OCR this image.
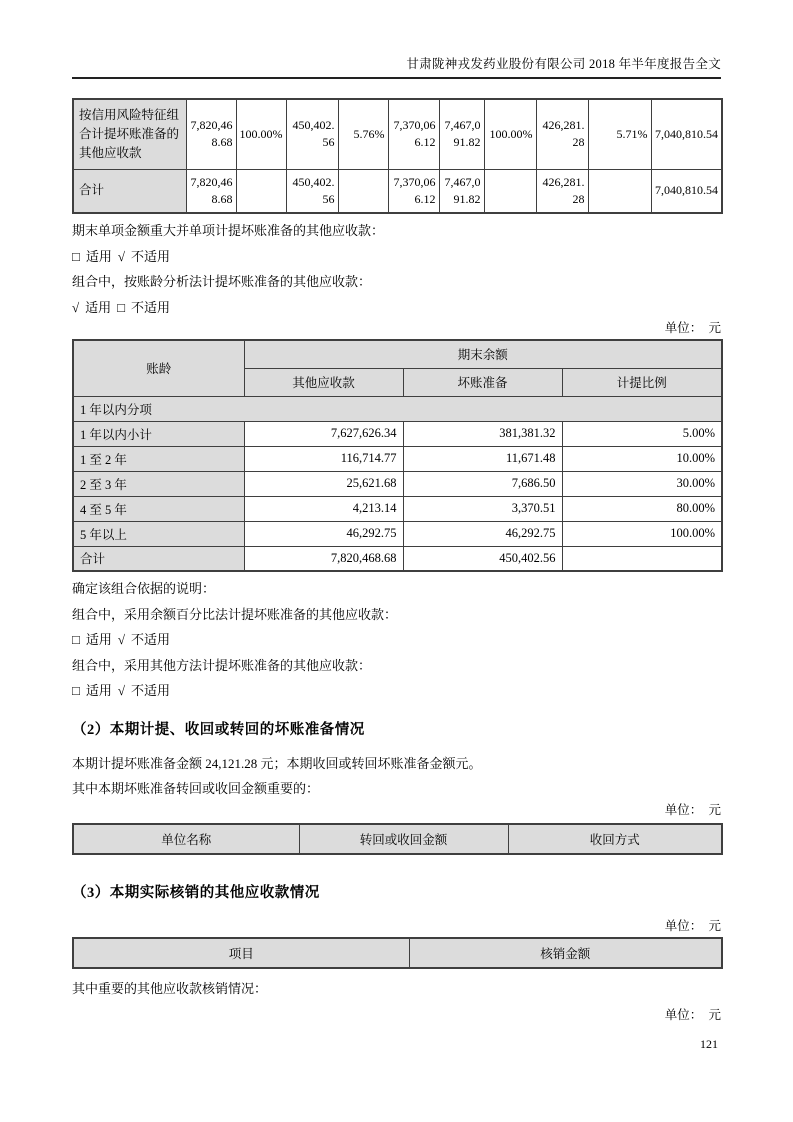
甘肃陇神戎发药业股份有限公司 2018 年半年度报告全文
按信用风险特征组合计提坏账准备的其他应收款	7,820,468.68	100.00%	450,402.56	5.76%	7,370,066.12	7,467,091.82	100.00%	426,281.28	5.71%	7,040,810.54
合计	7,820,468.68		450,402.56		7,370,066.12	7,467,091.82		426,281.28		7,040,810.54
期末单项金额重大并单项计提坏账准备的其他应收款：
□ 适用 √ 不适用
组合中，按账龄分析法计提坏账准备的其他应收款：
√ 适用 □ 不适用
单位：　元
账龄	期末余额		
	其他应收款	坏账准备	计提比例
1 年以内分项			
1 年以内小计	7,627,626.34	381,381.32	5.00%
1 至 2 年	116,714.77	11,671.48	10.00%
2 至 3 年	25,621.68	7,686.50	30.00%
4 至 5 年	4,213.14	3,370.51	80.00%
5 年以上	46,292.75	46,292.75	100.00%
合计	7,820,468.68	450,402.56	
确定该组合依据的说明：
组合中，采用余额百分比法计提坏账准备的其他应收款：
□ 适用 √ 不适用
组合中，采用其他方法计提坏账准备的其他应收款：
□ 适用 √ 不适用
（2）本期计提、收回或转回的坏账准备情况
本期计提坏账准备金额 24,121.28 元；本期收回或转回坏账准备金额元。
其中本期坏账准备转回或收回金额重要的：
单位：　元
单位名称	转回或收回金额	收回方式
（3）本期实际核销的其他应收款情况
单位：　元
项目	核销金额
其中重要的其他应收款核销情况：
单位：　元
121
